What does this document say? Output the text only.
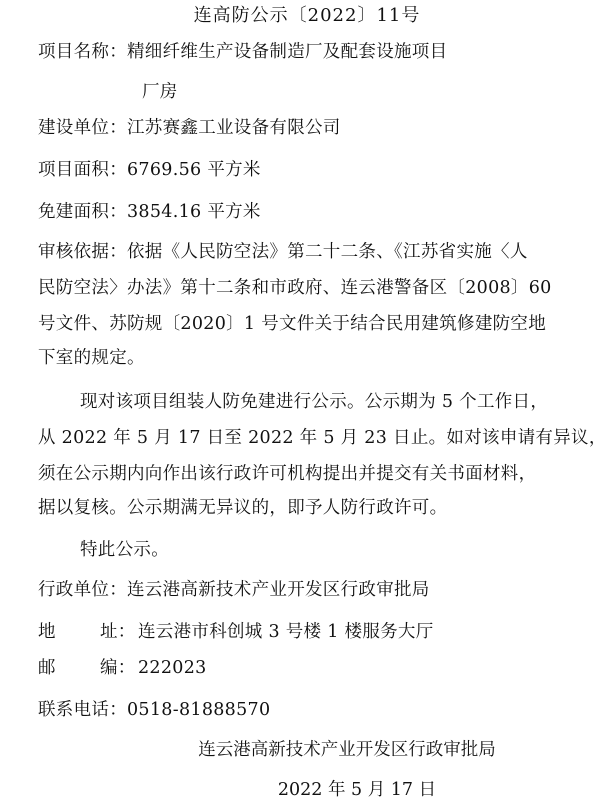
连高防公示〔2022〕11号
项目名称：精细纤维生产设备制造厂及配套设施项目
厂房
建设单位：江苏赛鑫工业设备有限公司
项目面积：6769.56 平方米
免建面积：3854.16 平方米
审核依据：依据《人民防空法》第二十二条、《江苏省实施〈人
民防空法〉办法》第十二条和市政府、连云港警备区〔2008〕60
号文件、苏防规〔2020〕1 号文件关于结合民用建筑修建防空地
下室的规定。
现对该项目组装人防免建进行公示。公示期为 5 个工作日，
从 2022 年 5 月 17 日至 2022 年 5 月 23 日止。如对该申请有异议，
须在公示期内向作出该行政许可机构提出并提交有关书面材料，
据以复核。公示期满无异议的，即予人防行政许可。
特此公示。
行政单位：连云港高新技术产业开发区行政审批局
地	址： 连云港市科创城 3 号楼 1 楼服务大厅
邮	编： 222023
联系电话：0518-81888570
连云港高新技术产业开发区行政审批局
2022 年 5 月 17 日
